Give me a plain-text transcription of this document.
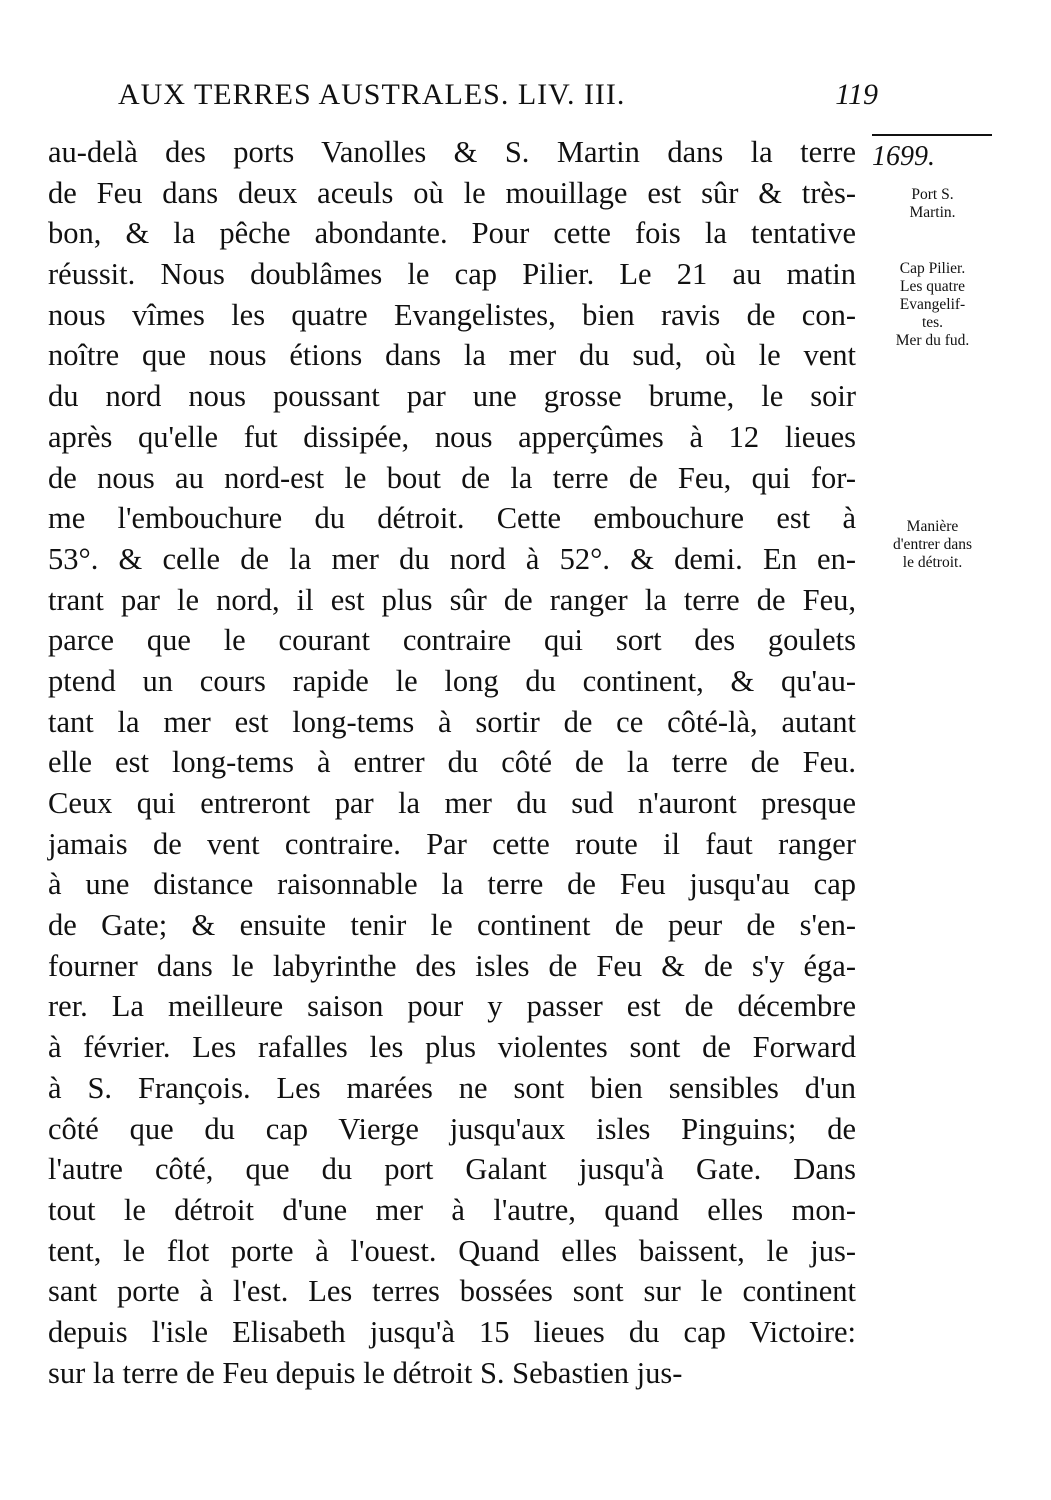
AUX TERRES AUSTRALES. LIV. III.	119
au-delà des ports Vanolles & S. Martin dans la terre
de Feu dans deux aceuls où le mouillage est sûr & très-
bon, & la pêche abondante. Pour cette fois la tentative
réussit. Nous doublâmes le cap Pilier. Le 21 au matin
nous vîmes les quatre Evangelistes, bien ravis de con-
noître que nous étions dans la mer du sud, où le vent
du nord nous poussant par une grosse brume, le soir
après qu'elle fut dissipée, nous apperçûmes à 12 lieues
de nous au nord-est le bout de la terre de Feu, qui for-
me l'embouchure du détroit. Cette embouchure est à
53°. & celle de la mer du nord à 52°. & demi. En en-
trant par le nord, il est plus sûr de ranger la terre de Feu,
parce que le courant contraire qui sort des goulets
ptend un cours rapide le long du continent, & qu'au-
tant la mer est long-tems à sortir de ce côté-là, autant
elle est long-tems à entrer du côté de la terre de Feu.
Ceux qui entreront par la mer du sud n'auront presque
jamais de vent contraire. Par cette route il faut ranger
à une distance raisonnable la terre de Feu jusqu'au cap
de Gate; & ensuite tenir le continent de peur de s'en-
fourner dans le labyrinthe des isles de Feu & de s'y éga-
rer. La meilleure saison pour y passer est de décembre
à février. Les rafalles les plus violentes sont de Forward
à S. François. Les marées ne sont bien sensibles d'un
côté que du cap Vierge jusqu'aux isles Pinguins; de
l'autre côté, que du port Galant jusqu'à Gate. Dans
tout le détroit d'une mer à l'autre, quand elles mon-
tent, le flot porte à l'ouest. Quand elles baissent, le jus-
sant porte à l'est. Les terres bossées sont sur le continent
depuis l'isle Elisabeth jusqu'à 15 lieues du cap Victoire:
sur la terre de Feu depuis le détroit S. Sebastien jus-
1699.
Port S.
Martin.
Cap Pilier.
Les quatre
Evangelif-
tes.
Mer du fud.
Manière
d'entrer dans
le détroit.
